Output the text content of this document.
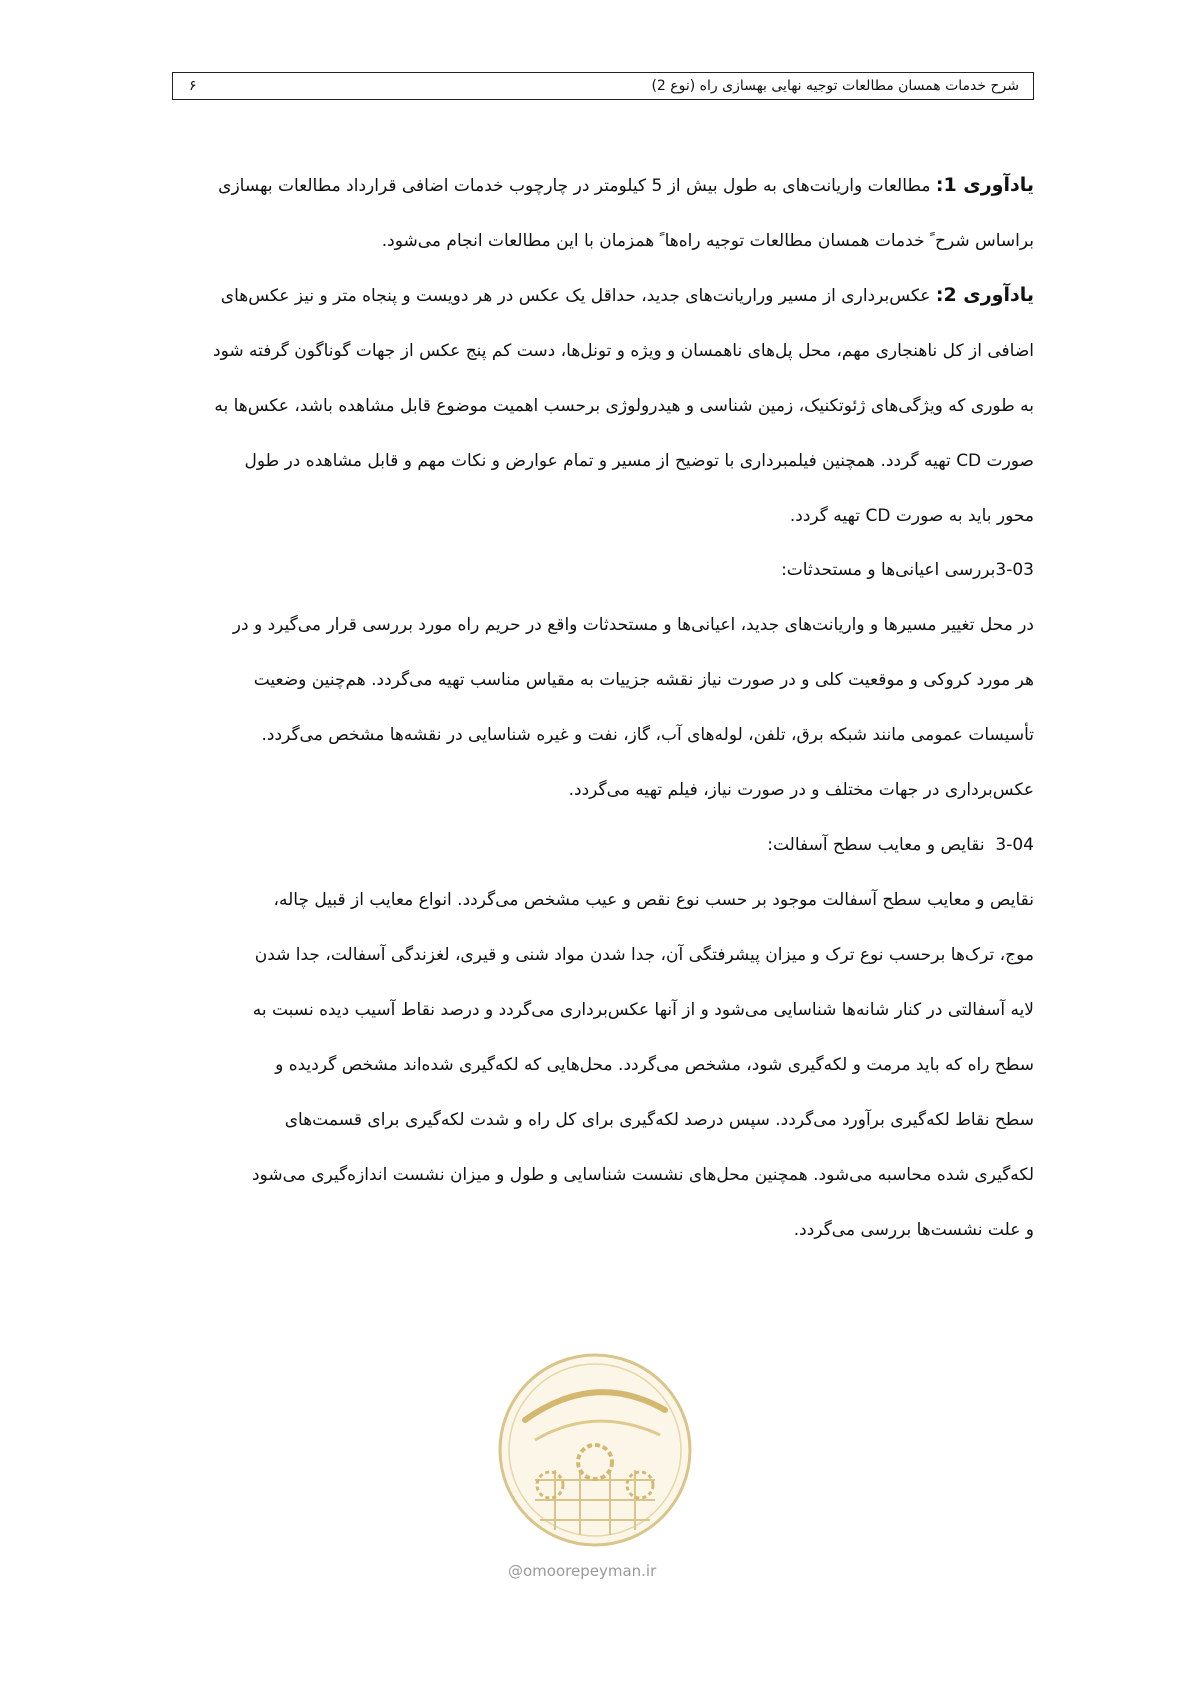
شرح خدمات همسان مطالعات توجیه نهایی بهسازی راه (نوع 2)
۶

یادآوری 1: مطالعات واریانت‌های به طول بیش از 5 کیلومتر در چارچوب خدمات اضافی قرارداد مطالعات بهسازی

براساس شرح ً خدمات همسان مطالعات توجیه راه‌ها ً همزمان با این مطالعات انجام می‌شود.

یادآوری 2: عکس‌برداری از مسیر وراریانت‌های جدید، حداقل یک عکس در هر دویست و پنجاه متر و نیز عکس‌های

اضافی از کل ناهنجاری مهم، محل پل‌های ناهمسان و ویژه و تونل‌ها، دست کم پنج عکس از جهات گوناگون گرفته شود

به طوری که ویژگی‌های ژئوتکنیک، زمین شناسی و هیدرولوژی برحسب اهمیت موضوع قابل مشاهده باشد، عکس‌ها به

صورت CD تهیه گردد. همچنین فیلمبرداری با توضیح از مسیر و تمام عوارض و نکات مهم و قابل مشاهده در طول

محور باید به صورت CD تهیه گردد.

3-03بررسی اعیانی‌ها و مستحدثات:

در محل تغییر مسیرها و واریانت‌های جدید، اعیانی‌ها و مستحدثات واقع در حریم راه مورد بررسی قرار می‌گیرد و در

هر مورد کروکی و موقعیت کلی و در صورت نیاز نقشه جزییات به مقیاس مناسب تهیه می‌گردد. هم‌چنین وضعیت

تأسیسات عمومی مانند شبکه برق، تلفن، لوله‌های آب، گاز، نفت و غیره شناسایی در نقشه‌ها مشخص می‌گردد.

عکس‌برداری در جهات مختلف و در صورت نیاز، فیلم تهیه می‌گردد.

3-04  نقایص و معایب سطح آسفالت:

نقایص و معایب سطح آسفالت موجود بر حسب نوع نقص و عیب مشخص می‌گردد. انواع معایب از قبیل چاله،

موج، ترک‌ها برحسب نوع ترک و میزان پیشرفتگی آن، جدا شدن مواد شنی و قیری، لغزندگی آسفالت، جدا شدن

لایه آسفالتی در کنار شانه‌ها شناسایی می‌شود و از آنها عکس‌برداری می‌گردد و درصد نقاط آسیب دیده نسبت به

سطح راه که باید مرمت و لکه‌گیری شود، مشخص می‌گردد. محل‌هایی که لکه‌گیری شده‌اند مشخص گردیده و

سطح نقاط لکه‌گیری برآورد می‌گردد. سپس درصد لکه‌گیری برای کل راه و شدت لکه‌گیری برای قسمت‌های

لکه‌گیری شده محاسبه می‌شود. همچنین محل‌های نشست شناسایی و طول و میزان نشست اندازه‌گیری می‌شود

و علت نشست‌ها بررسی می‌گردد.

@omoorepeyman.ir
